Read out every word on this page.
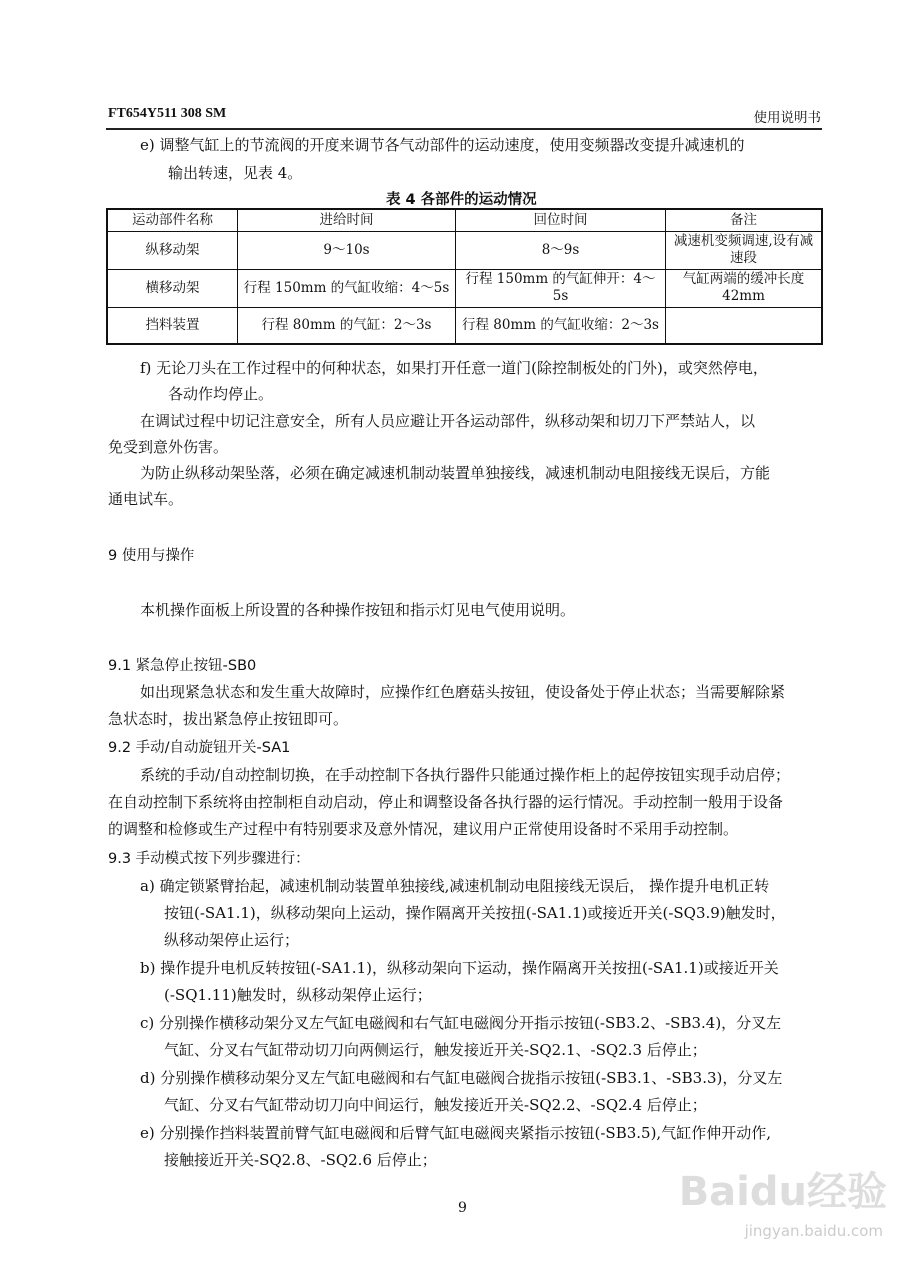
FT654Y511 308 SM	使用说明书
e) 调整气缸上的节流阀的开度来调节各气动部件的运动速度，使用变频器改变提升减速机的
输出转速，见表 4。
表 4 各部件的运动情况
运动部件名称	进给时间	回位时间	备注
纵移动架	9～10s	8～9s	减速机变频调速,设有减速段
横移动架	行程 150mm 的气缸收缩：4～5s	行程 150mm 的气缸伸开：4～5s	气缸两端的缓冲长度 42mm
挡料装置	行程 80mm 的气缸：2～3s	行程 80mm 的气缸收缩：2～3s	
f) 无论刀头在工作过程中的何种状态，如果打开任意一道门(除控制板处的门外)，或突然停电，
各动作均停止。
在调试过程中切记注意安全，所有人员应避让开各运动部件，纵移动架和切刀下严禁站人，以
免受到意外伤害。
为防止纵移动架坠落，必须在确定减速机制动装置单独接线，减速机制动电阻接线无误后，方能
通电试车。
9 使用与操作
本机操作面板上所设置的各种操作按钮和指示灯见电气使用说明。
9.1 紧急停止按钮-SB0
如出现紧急状态和发生重大故障时，应操作红色磨菇头按钮，使设备处于停止状态；当需要解除紧
急状态时，拔出紧急停止按钮即可。
9.2 手动/自动旋钮开关-SA1
系统的手动/自动控制切换，在手动控制下各执行器件只能通过操作柜上的起停按钮实现手动启停；
在自动控制下系统将由控制柜自动启动，停止和调整设备各执行器的运行情况。手动控制一般用于设备
的调整和检修或生产过程中有特别要求及意外情况，建议用户正常使用设备时不采用手动控制。
9.3 手动模式按下列步骤进行：
a) 确定锁紧臂抬起，减速机制动装置单独接线,减速机制动电阻接线无误后， 操作提升电机正转
按钮(-SA1.1)，纵移动架向上运动，操作隔离开关按扭(-SA1.1)或接近开关(-SQ3.9)触发时，
纵移动架停止运行；
b) 操作提升电机反转按钮(-SA1.1)，纵移动架向下运动，操作隔离开关按扭(-SA1.1)或接近开关
(-SQ1.11)触发时，纵移动架停止运行；
c) 分别操作横移动架分叉左气缸电磁阀和右气缸电磁阀分开指示按钮(-SB3.2、-SB3.4)，分叉左
气缸、分叉右气缸带动切刀向两侧运行，触发接近开关-SQ2.1、-SQ2.3 后停止；
d) 分别操作横移动架分叉左气缸电磁阀和右气缸电磁阀合拢指示按钮(-SB3.1、-SB3.3)，分叉左
气缸、分叉右气缸带动切刀向中间运行，触发接近开关-SQ2.2、-SQ2.4 后停止；
e) 分别操作挡料装置前臂气缸电磁阀和后臂气缸电磁阀夹紧指示按钮(-SB3.5),气缸作伸开动作,
接触接近开关-SQ2.8、-SQ2.6 后停止；
9	Baidu经验
jingyan.baidu.com
